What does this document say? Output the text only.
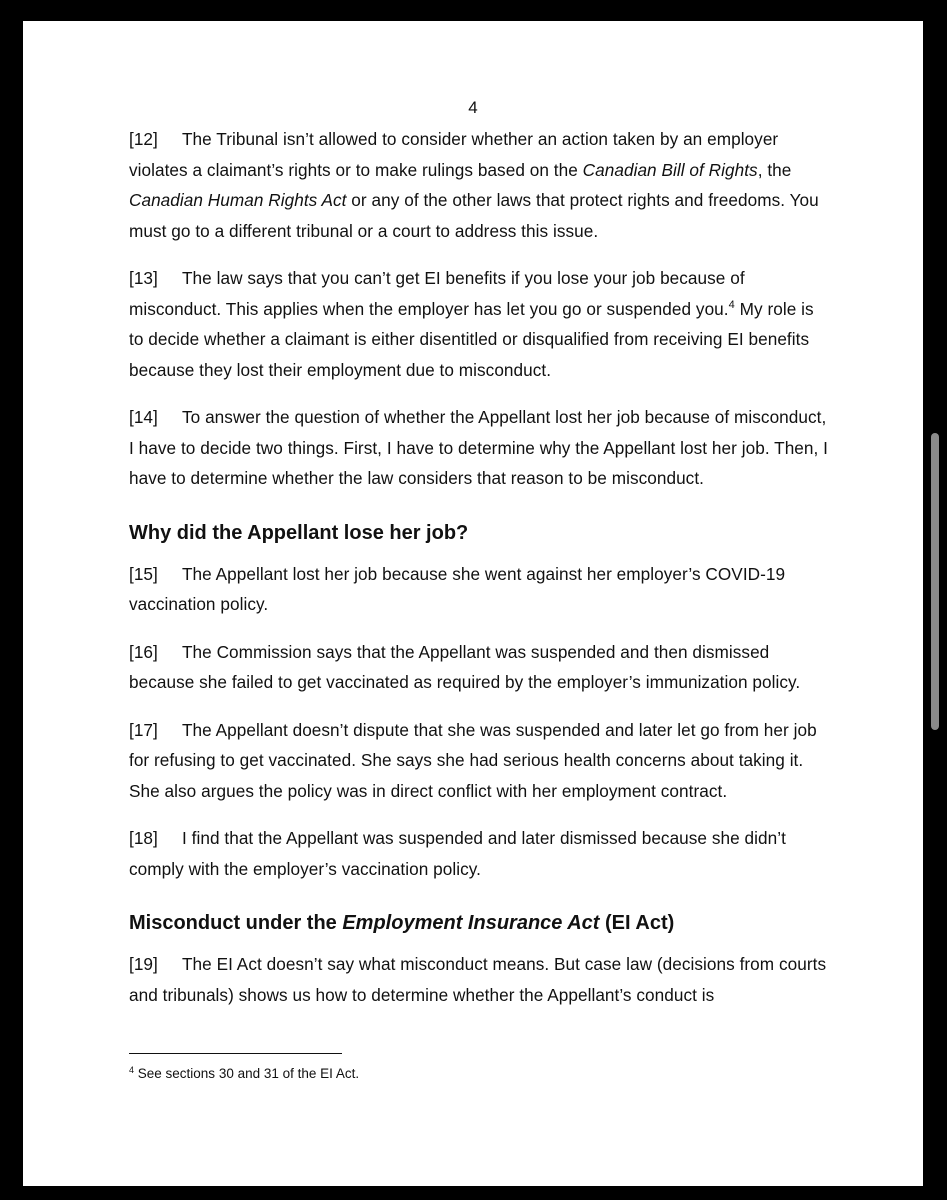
4

[12] The Tribunal isn’t allowed to consider whether an action taken by an employer violates a claimant’s rights or to make rulings based on the Canadian Bill of Rights, the Canadian Human Rights Act or any of the other laws that protect rights and freedoms. You must go to a different tribunal or a court to address this issue.

[13] The law says that you can’t get EI benefits if you lose your job because of misconduct. This applies when the employer has let you go or suspended you.$^4$ My role is to decide whether a claimant is either disentitled or disqualified from receiving EI benefits because they lost their employment due to misconduct.

[14] To answer the question of whether the Appellant lost her job because of misconduct, I have to decide two things. First, I have to determine why the Appellant lost her job. Then, I have to determine whether the law considers that reason to be misconduct.

Why did the Appellant lose her job?

[15] The Appellant lost her job because she went against her employer’s COVID-19 vaccination policy.

[16] The Commission says that the Appellant was suspended and then dismissed because she failed to get vaccinated as required by the employer’s immunization policy.

[17] The Appellant doesn’t dispute that she was suspended and later let go from her job for refusing to get vaccinated. She says she had serious health concerns about taking it. She also argues the policy was in direct conflict with her employment contract.

[18] I find that the Appellant was suspended and later dismissed because she didn’t comply with the employer’s vaccination policy.

Misconduct under the Employment Insurance Act (EI Act)

[19] The EI Act doesn’t say what misconduct means. But case law (decisions from courts and tribunals) shows us how to determine whether the Appellant’s conduct is

$^4$ See sections 30 and 31 of the EI Act.
